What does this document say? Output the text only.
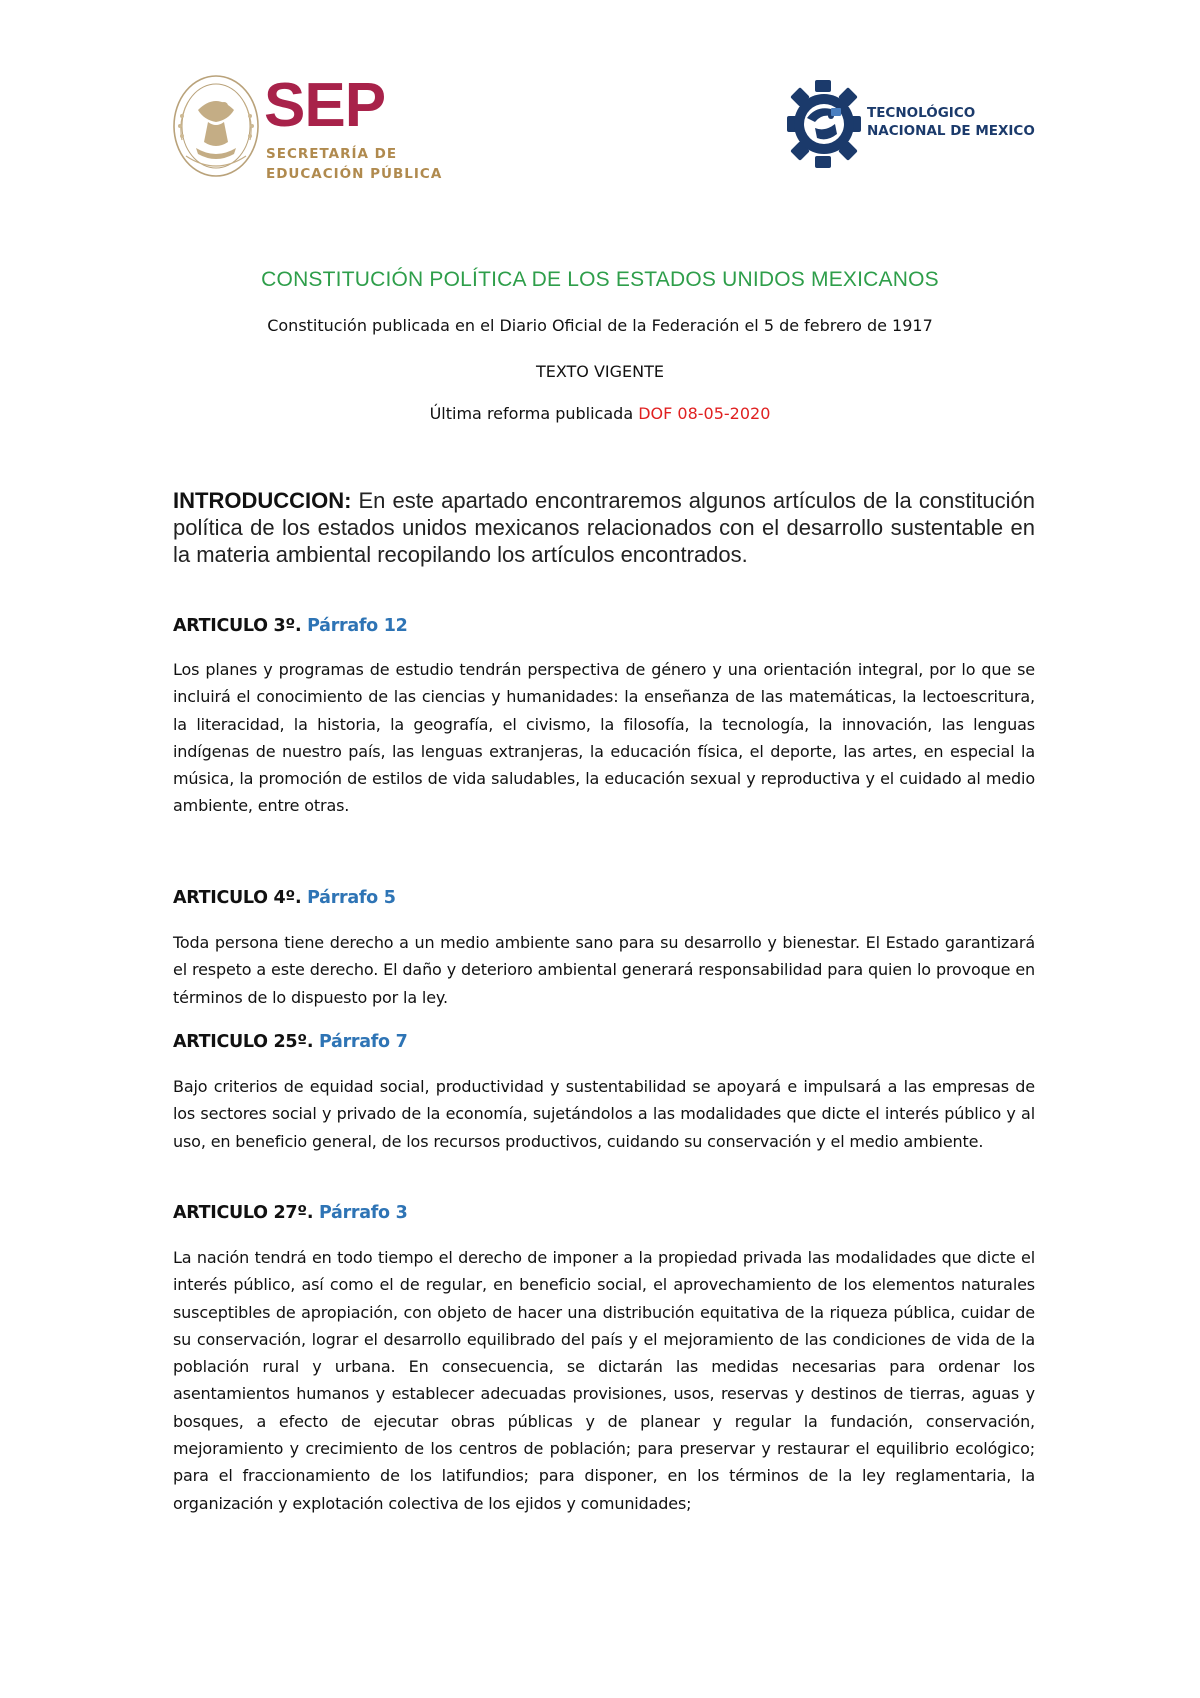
SEP
SECRETARÍA DE
EDUCACIÓN PÚBLICA
TECNOLÓGICO
NACIONAL DE MEXICO
CONSTITUCIÓN POLÍTICA DE LOS ESTADOS UNIDOS MEXICANOS
Constitución publicada en el Diario Oficial de la Federación el 5 de febrero de 1917
TEXTO VIGENTE
Última reforma publicada DOF 08-05-2020
INTRODUCCION: En este apartado encontraremos algunos artículos de la constitución política de los estados unidos mexicanos relacionados con el desarrollo sustentable en la materia ambiental recopilando los artículos encontrados.
ARTICULO 3º. Párrafo 12
Los planes y programas de estudio tendrán perspectiva de género y una orientación integral, por lo que se incluirá el conocimiento de las ciencias y humanidades: la enseñanza de las matemáticas, la lectoescritura, la literacidad, la historia, la geografía, el civismo, la filosofía, la tecnología, la innovación, las lenguas indígenas de nuestro país, las lenguas extranjeras, la educación física, el deporte, las artes, en especial la música, la promoción de estilos de vida saludables, la educación sexual y reproductiva y el cuidado al medio ambiente, entre otras.
ARTICULO 4º. Párrafo 5
Toda persona tiene derecho a un medio ambiente sano para su desarrollo y bienestar. El Estado garantizará el respeto a este derecho. El daño y deterioro ambiental generará responsabilidad para quien lo provoque en términos de lo dispuesto por la ley.
ARTICULO 25º. Párrafo 7
Bajo criterios de equidad social, productividad y sustentabilidad se apoyará e impulsará a las empresas de los sectores social y privado de la economía, sujetándolos a las modalidades que dicte el interés público y al uso, en beneficio general, de los recursos productivos, cuidando su conservación y el medio ambiente.
ARTICULO 27º. Párrafo 3
La nación tendrá en todo tiempo el derecho de imponer a la propiedad privada las modalidades que dicte el interés público, así como el de regular, en beneficio social, el aprovechamiento de los elementos naturales susceptibles de apropiación, con objeto de hacer una distribución equitativa de la riqueza pública, cuidar de su conservación, lograr el desarrollo equilibrado del país y el mejoramiento de las condiciones de vida de la población rural y urbana. En consecuencia, se dictarán las medidas necesarias para ordenar los asentamientos humanos y establecer adecuadas provisiones, usos, reservas y destinos de tierras, aguas y bosques, a efecto de ejecutar obras públicas y de planear y regular la fundación, conservación, mejoramiento y crecimiento de los centros de población; para preservar y restaurar el equilibrio ecológico; para el fraccionamiento de los latifundios; para disponer, en los términos de la ley reglamentaria, la organización y explotación colectiva de los ejidos y comunidades;
